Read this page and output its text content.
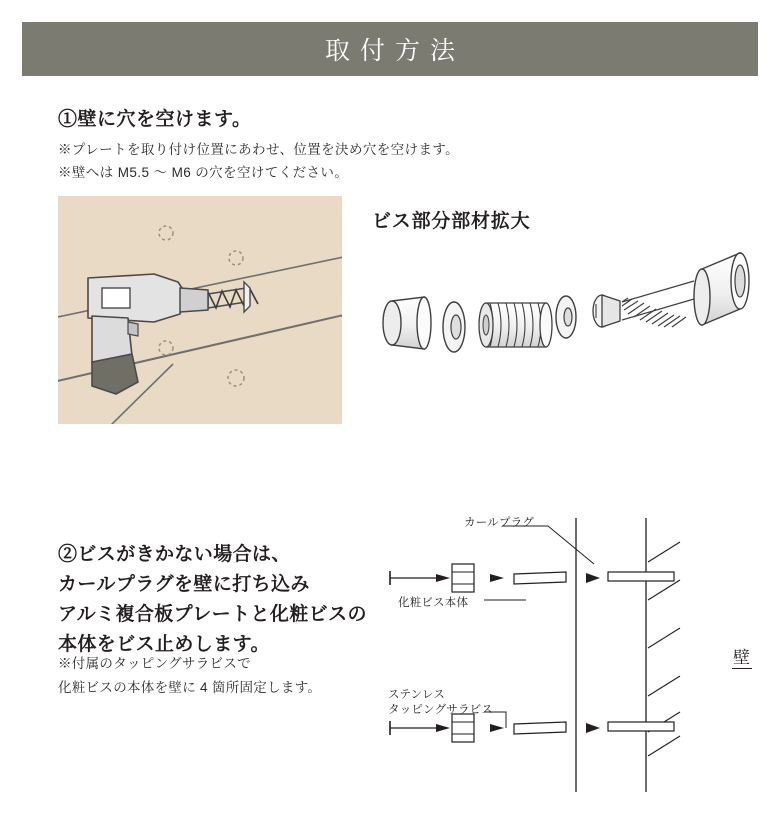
取付方法
①壁に穴を空けます。
※プレートを取り付け位置にあわせ、位置を決め穴を空けます。
※壁へは M5.5 〜 M6 の穴を空けてください。
ビス部分部材拡大
②ビスがきかない場合は、
カールプラグを壁に打ち込み
アルミ複合板プレートと化粧ビスの
本体をビス止めします。
※付属のタッピングサラビスで
化粧ビスの本体を壁に 4 箇所固定します。
カールプラグ
化粧ビス本体
ステンレス
タッピングサラビス
壁
